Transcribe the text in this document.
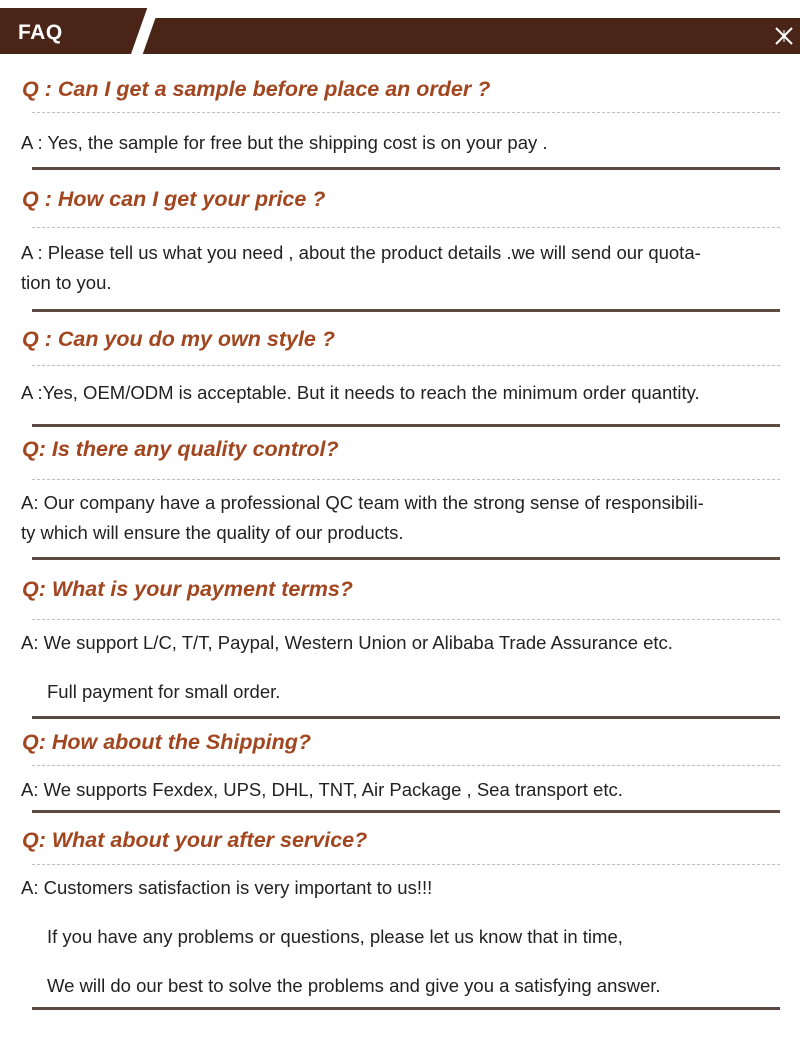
FAQ
Q : Can I get a sample before place an order ?
A : Yes, the sample for free but the shipping cost is on your pay .
Q : How can I get your price ?
A : Please tell us what you need , about the product details .we will send our quota-
tion to you.
Q : Can you do my own style ?
A :Yes, OEM/ODM is acceptable. But it needs to reach the minimum order quantity.
Q: Is there any quality control?
A: Our company have a professional QC team with the strong sense of responsibili-
ty which will ensure the quality of our products.
Q: What is your payment terms?
A: We support L/C, T/T, Paypal, Western Union or Alibaba Trade Assurance etc.
Full payment for small order.
Q: How about the Shipping?
A: We supports Fexdex, UPS, DHL, TNT, Air Package , Sea transport etc.
Q: What about your after service?
A: Customers satisfaction is very important to us!!!
If you have any problems or questions, please let us know that in time,
We will do our best to solve the problems and give you a satisfying answer.
